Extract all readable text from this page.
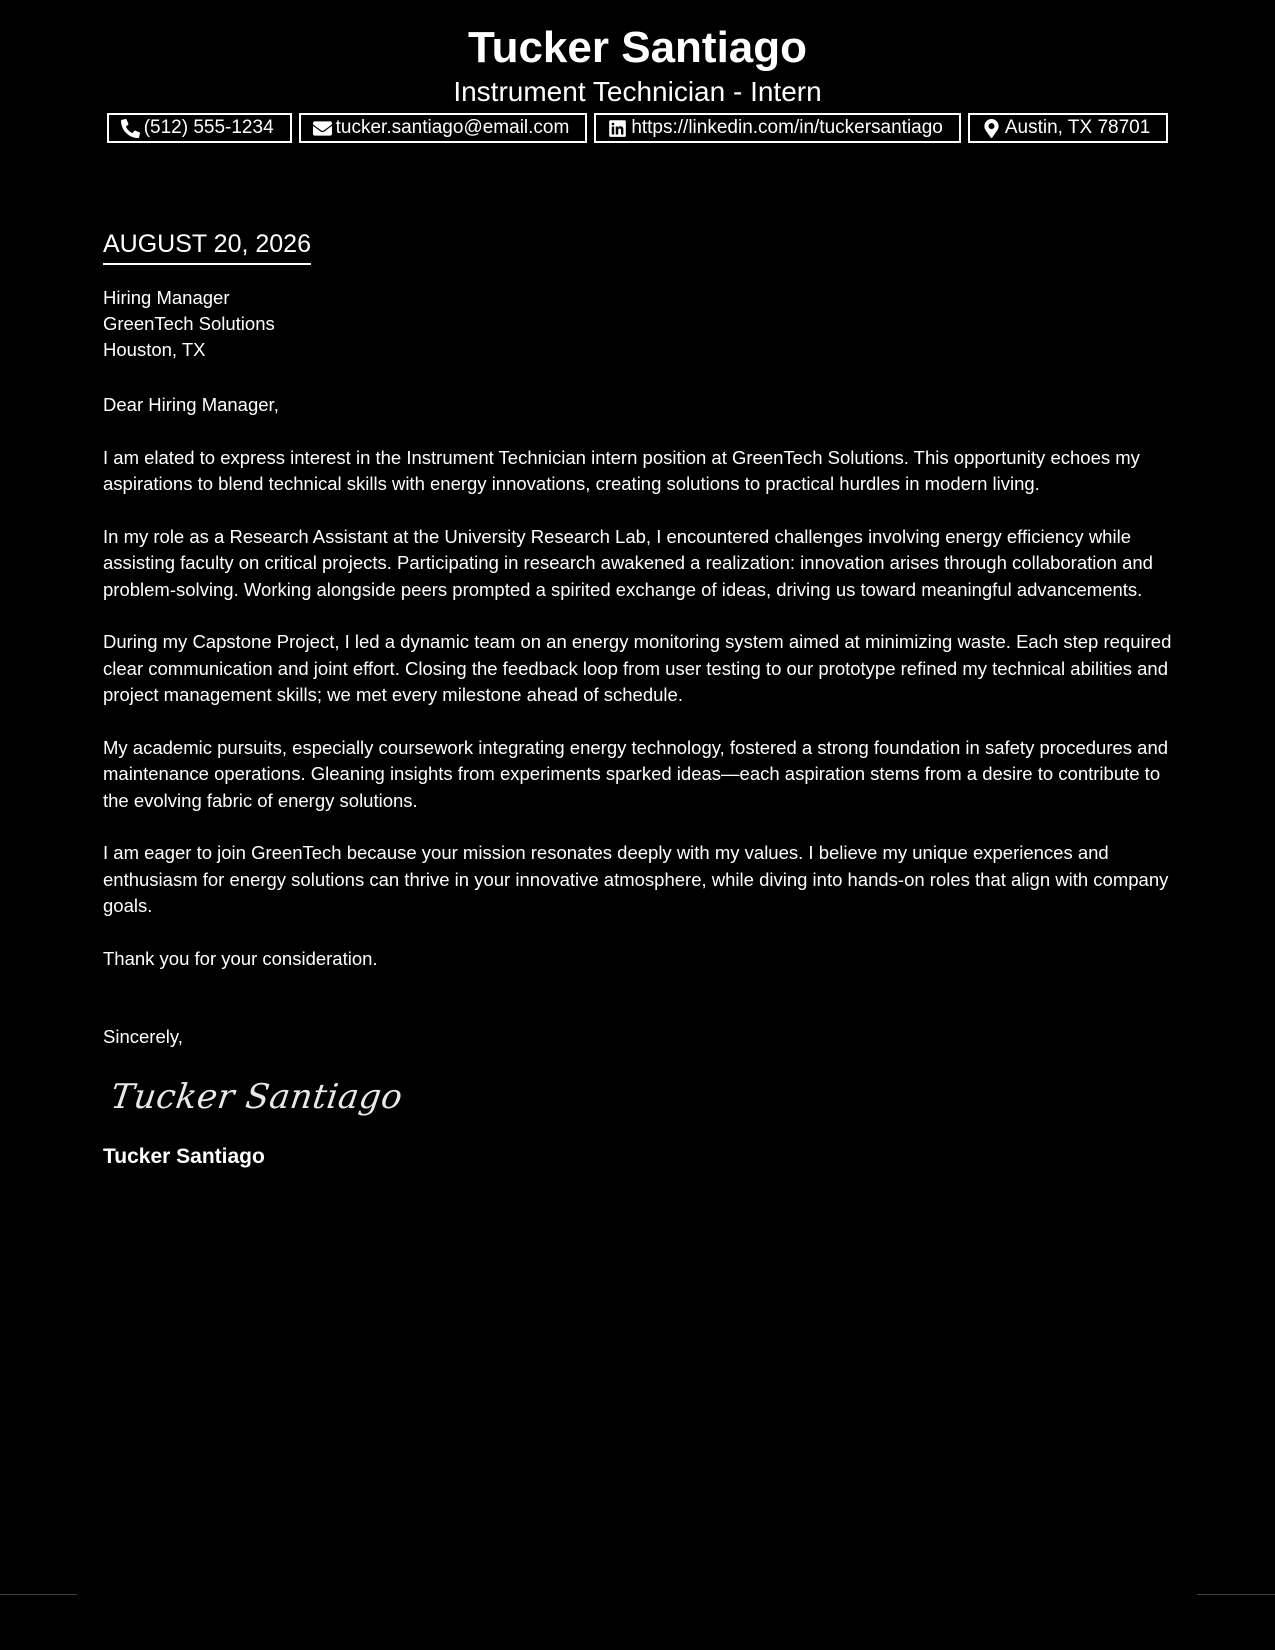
Tucker Santiago
Instrument Technician - Intern
(512) 555-1234	tucker.santiago@email.com	https://linkedin.com/in/tuckersantiago	Austin, TX 78701
AUGUST 20, 2026
Hiring Manager
GreenTech Solutions
Houston, TX
Dear Hiring Manager,

I am elated to express interest in the Instrument Technician intern position at GreenTech Solutions. This opportunity echoes my aspirations to blend technical skills with energy innovations, creating solutions to practical hurdles in modern living.

In my role as a Research Assistant at the University Research Lab, I encountered challenges involving energy efficiency while assisting faculty on critical projects. Participating in research awakened a realization: innovation arises through collaboration and problem-solving. Working alongside peers prompted a spirited exchange of ideas, driving us toward meaningful advancements.

During my Capstone Project, I led a dynamic team on an energy monitoring system aimed at minimizing waste. Each step required clear communication and joint effort. Closing the feedback loop from user testing to our prototype refined my technical abilities and project management skills; we met every milestone ahead of schedule.

My academic pursuits, especially coursework integrating energy technology, fostered a strong foundation in safety procedures and maintenance operations. Gleaning insights from experiments sparked ideas—each aspiration stems from a desire to contribute to the evolving fabric of energy solutions.

I am eager to join GreenTech because your mission resonates deeply with my values. I believe my unique experiences and enthusiasm for energy solutions can thrive in your innovative atmosphere, while diving into hands-on roles that align with company goals.

Thank you for your consideration.

Sincerely,
Tucker Santiago
Tucker Santiago
